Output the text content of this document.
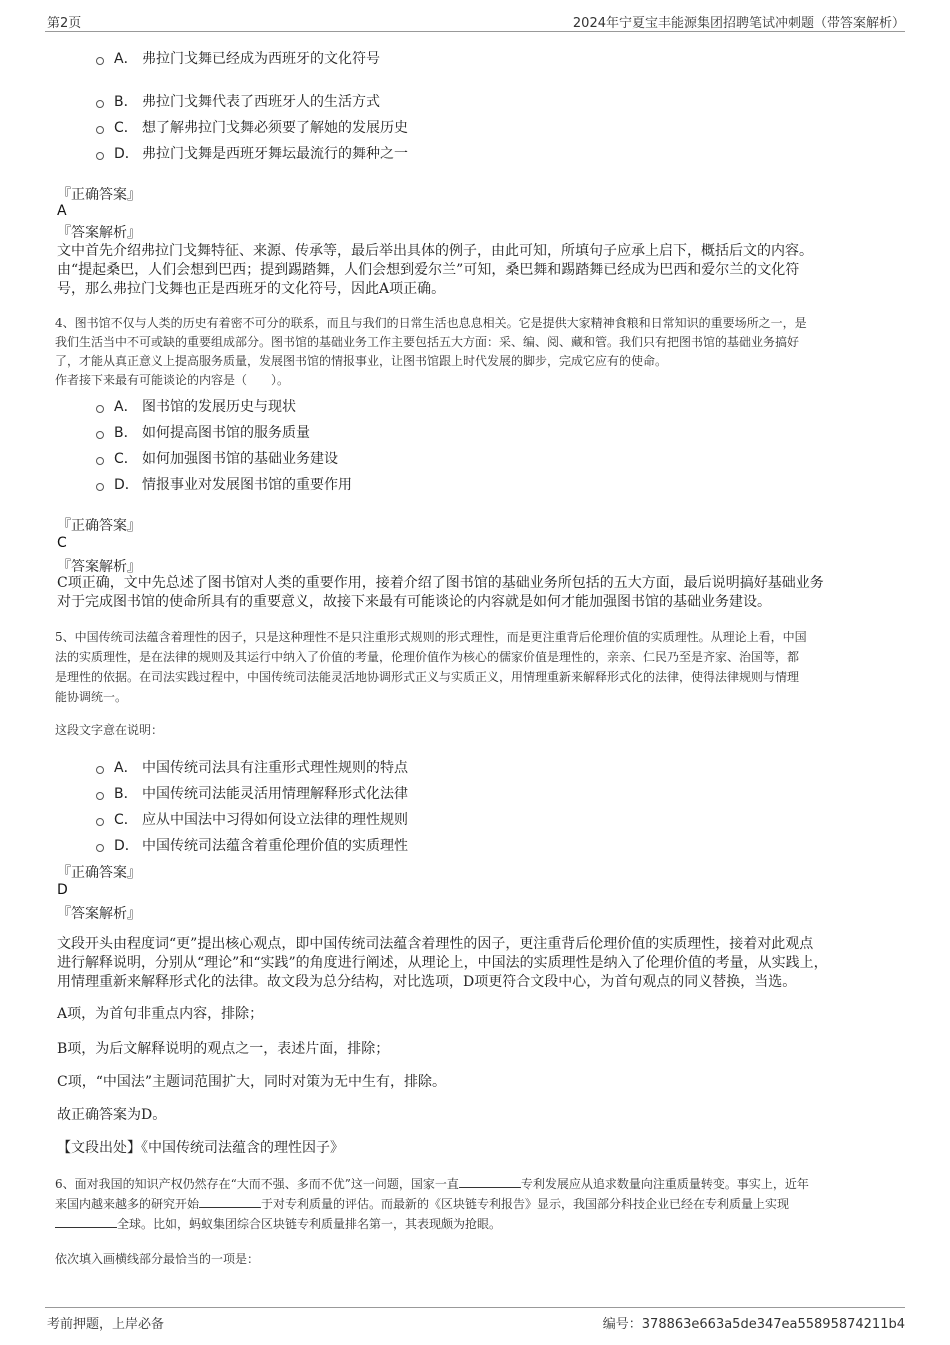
第2页	2024年宁夏宝丰能源集团招聘笔试冲刺题（带答案解析）
A． 弗拉门戈舞已经成为西班牙的文化符号
B． 弗拉门戈舞代表了西班牙人的生活方式
C． 想了解弗拉门戈舞必须要了解她的发展历史
D． 弗拉门戈舞是西班牙舞坛最流行的舞种之一
『正确答案』
A
『答案解析』
文中首先介绍弗拉门戈舞特征、来源、传承等，最后举出具体的例子，由此可知，所填句子应承上启下，概括后文的内容。
由“提起桑巴，人们会想到巴西；提到踢踏舞，人们会想到爱尔兰”可知，桑巴舞和踢踏舞已经成为巴西和爱尔兰的文化符
号，那么弗拉门戈舞也正是西班牙的文化符号，因此A项正确。
4、图书馆不仅与人类的历史有着密不可分的联系，而且与我们的日常生活也息息相关。它是提供大家精神食粮和日常知识的重要场所之一，是
我们生活当中不可或缺的重要组成部分。图书馆的基础业务工作主要包括五大方面：采、编、阅、藏和管。我们只有把图书馆的基础业务搞好
了，才能从真正意义上提高服务质量，发展图书馆的情报事业，让图书馆跟上时代发展的脚步，完成它应有的使命。
作者接下来最有可能谈论的内容是（　　）。
A． 图书馆的发展历史与现状
B． 如何提高图书馆的服务质量
C． 如何加强图书馆的基础业务建设
D． 情报事业对发展图书馆的重要作用
『正确答案』
C
『答案解析』
C项正确，文中先总述了图书馆对人类的重要作用，接着介绍了图书馆的基础业务所包括的五大方面，最后说明搞好基础业务
对于完成图书馆的使命所具有的重要意义，故接下来最有可能谈论的内容就是如何才能加强图书馆的基础业务建设。
5、中国传统司法蕴含着理性的因子，只是这种理性不是只注重形式规则的形式理性，而是更注重背后伦理价值的实质理性。从理论上看，中国
法的实质理性，是在法律的规则及其运行中纳入了价值的考量，伦理价值作为核心的儒家价值是理性的，亲亲、仁民乃至是齐家、治国等，都
是理性的依据。在司法实践过程中，中国传统司法能灵活地协调形式正义与实质正义，用情理重新来解释形式化的法律，使得法律规则与情理
能协调统一。
这段文字意在说明：
A． 中国传统司法具有注重形式理性规则的特点
B． 中国传统司法能灵活用情理解释形式化法律
C． 应从中国法中习得如何设立法律的理性规则
D． 中国传统司法蕴含着重伦理价值的实质理性
『正确答案』
D
『答案解析』
文段开头由程度词“更”提出核心观点，即中国传统司法蕴含着理性的因子，更注重背后伦理价值的实质理性，接着对此观点
进行解释说明，分别从“理论”和“实践”的角度进行阐述，从理论上，中国法的实质理性是纳入了伦理价值的考量，从实践上，
用情理重新来解释形式化的法律。故文段为总分结构，对比选项，D项更符合文段中心，为首句观点的同义替换，当选。
A项，为首句非重点内容，排除；
B项，为后文解释说明的观点之一，表述片面，排除；
C项，“中国法”主题词范围扩大，同时对策为无中生有，排除。
故正确答案为D。
【文段出处】《中国传统司法蕴含的理性因子》
6、面对我国的知识产权仍然存在“大而不强、多而不优”这一问题，国家一直	专利发展应从追求数量向注重质量转变。事实上，近年
来国内越来越多的研究开始	于对专利质量的评估。而最新的《区块链专利报告》显示，我国部分科技企业已经在专利质量上实现
全球。比如，蚂蚁集团综合区块链专利质量排名第一，其表现颇为抢眼。
依次填入画横线部分最恰当的一项是：
考前押题，上岸必备	编号：378863e663a5de347ea55895874211b4
